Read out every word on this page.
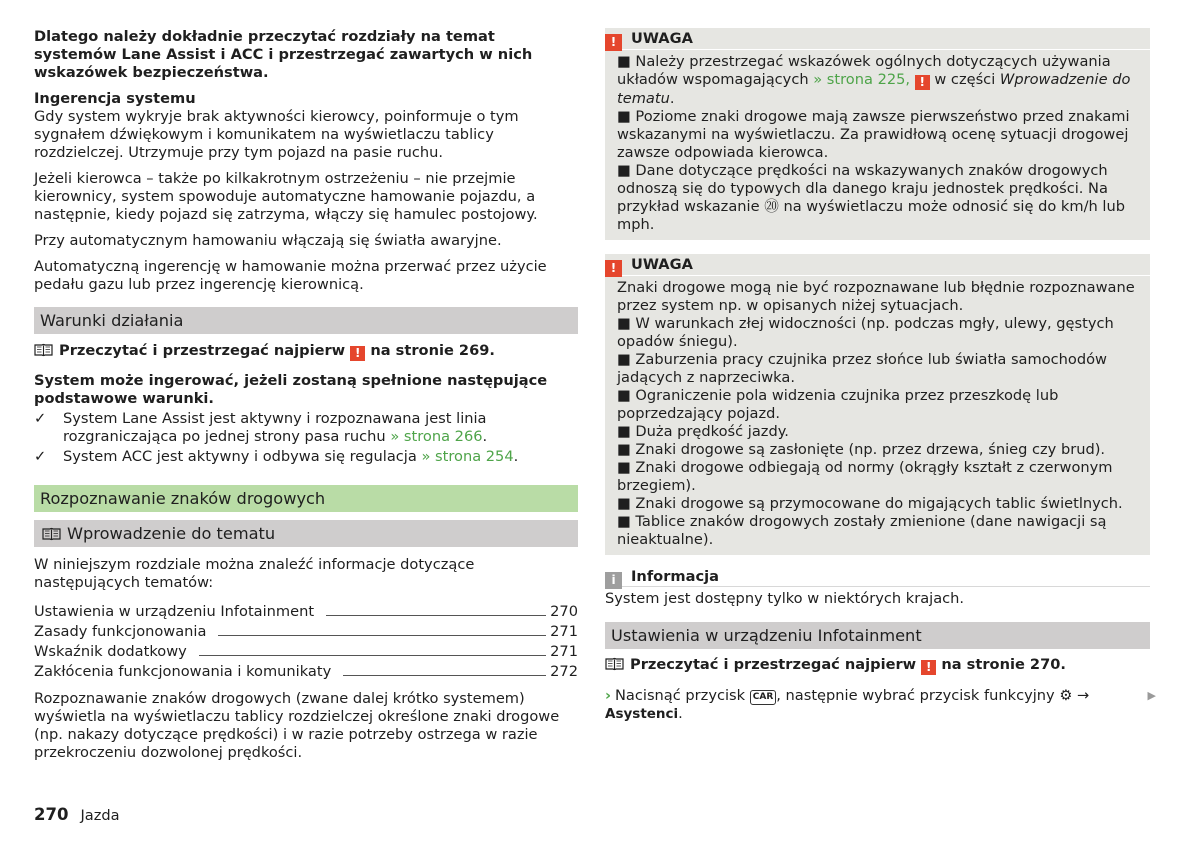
Dlatego należy dokładnie przeczytać rozdziały na temat systemów Lane Assist i ACC i przestrzegać zawartych w nich wskazówek bezpieczeństwa.

Ingerencja systemu

Gdy system wykryje brak aktywności kierowcy, poinformuje o tym sygnałem dźwiękowym i komunikatem na wyświetlaczu tablicy rozdzielczej. Utrzymuje przy tym pojazd na pasie ruchu.

Jeżeli kierowca – także po kilkakrotnym ostrzeżeniu – nie przejmie kierownicy, system spowoduje automatyczne hamowanie pojazdu, a następnie, kiedy pojazd się zatrzyma, włączy się hamulec postojowy.

Przy automatycznym hamowaniu włączają się światła awaryjne.

Automatyczną ingerencję w hamowanie można przerwać przez użycie pedału gazu lub przez ingerencję kierownicą.

Warunki działania

Przeczytać i przestrzegać najpierw ! na stronie 269.

System może ingerować, jeżeli zostaną spełnione następujące podstawowe warunki.

✓ System Lane Assist jest aktywny i rozpoznawana jest linia rozgraniczająca po jednej strony pasa ruchu » strona 266.
✓ System ACC jest aktywny i odbywa się regulacja » strona 254.
Rozpoznawanie znaków drogowych
Wprowadzenie do tematu

W niniejszym rozdziale można znaleźć informacje dotyczące następujących tematów:

Ustawienia w urządzeniu Infotainment	270
Zasady funkcjonowania	271
Wskaźnik dodatkowy	271
Zakłócenia funkcjonowania i komunikaty	272

Rozpoznawanie znaków drogowych (zwane dalej krótko systemem) wyświetla na wyświetlaczu tablicy rozdzielczej określone znaki drogowe (np. nakazy dotyczące prędkości) i w razie potrzeby ostrzega w razie przekroczeniu dozwolonej prędkości.

! UWAGA

■ Należy przestrzegać wskazówek ogólnych dotyczących używania układów wspomagających » strona 225, ! w części Wprowadzenie do tematu.

■ Poziome znaki drogowe mają zawsze pierwszeństwo przed znakami wskazanymi na wyświetlaczu. Za prawidłową ocenę sytuacji drogowej zawsze odpowiada kierowca.

■ Dane dotyczące prędkości na wskazywanych znaków drogowych odnoszą się do typowych dla danego kraju jednostek prędkości. Na przykład wskazanie ⑳ na wyświetlaczu może odnosić się do km/h lub mph.

! UWAGA

Znaki drogowe mogą nie być rozpoznawane lub błędnie rozpoznawane przez system np. w opisanych niżej sytuacjach.

■ W warunkach złej widoczności (np. podczas mgły, ulewy, gęstych opadów śniegu).

■ Zaburzenia pracy czujnika przez słońce lub światła samochodów jadących z naprzeciwka.

■ Ograniczenie pola widzenia czujnika przez przeszkodę lub poprzedzający pojazd.

■ Duża prędkość jazdy.

■ Znaki drogowe są zasłonięte (np. przez drzewa, śnieg czy brud).

■ Znaki drogowe odbiegają od normy (okrągły kształt z czerwonym brzegiem).

■ Znaki drogowe są przymocowane do migających tablic świetlnych.

■ Tablice znaków drogowych zostały zmienione (dane nawigacji są nieaktualne).

i Informacja

System jest dostępny tylko w niektórych krajach.

Ustawienia w urządzeniu Infotainment

Przeczytać i przestrzegać najpierw ! na stronie 270.

› Nacisnąć przycisk CAR , następnie wybrać przycisk funkcyjny ⚙ → Asystenci.
▶

270 Jazda
